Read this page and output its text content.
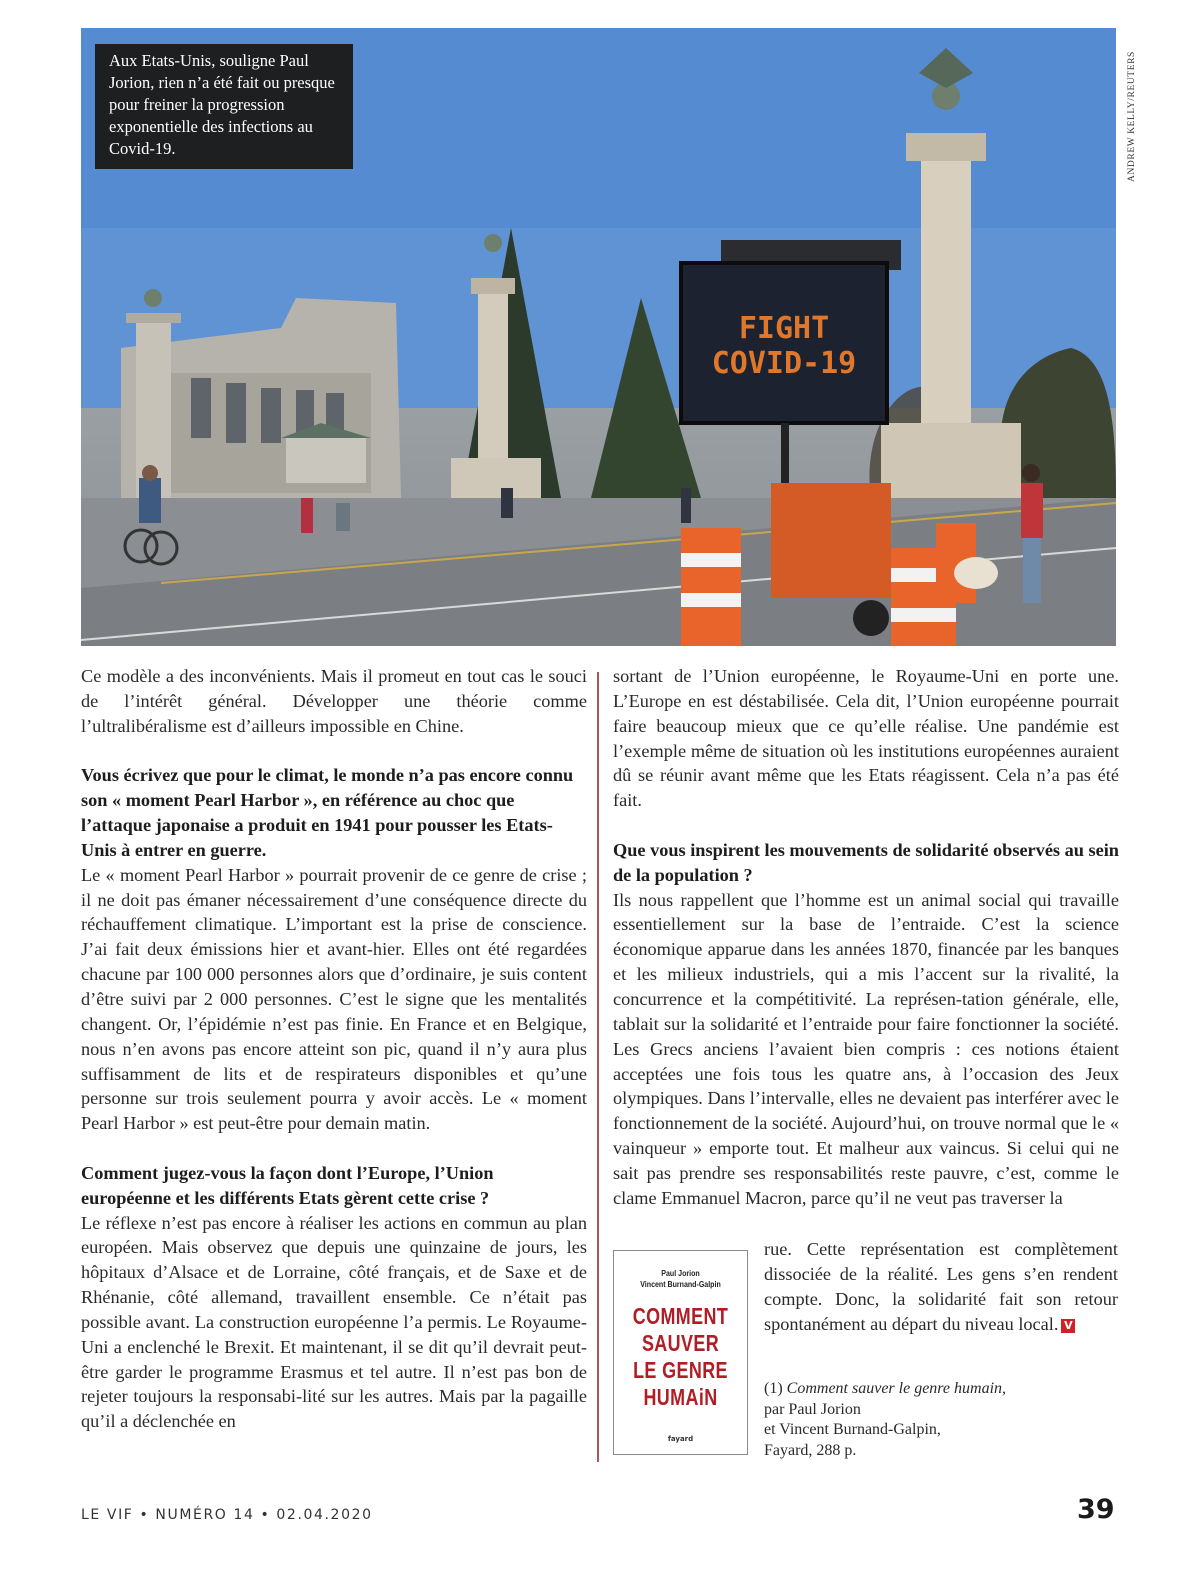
FIGHT
COVID-19
Aux Etats-Unis, souligne Paul Jorion, rien n’a été fait ou presque pour freiner la progression exponentielle des infections au Covid-19.	ANDREW KELLY/REUTERS

Ce modèle a des inconvénients. Mais il promeut en tout cas le souci de l’intérêt général. Développer une théorie comme l’ultralibéralisme est d’ailleurs impossible en Chine.

Vous écrivez que pour le climat, le monde n’a pas encore connu son « moment Pearl Harbor », en référence au choc que l’attaque japonaise a produit en 1941 pour pousser les Etats-Unis à entrer en guerre.

Le « moment Pearl Harbor » pourrait provenir de ce genre de crise ; il ne doit pas émaner nécessairement d’une conséquence directe du réchauffement climatique. L’important est la prise de conscience. J’ai fait deux émissions hier et avant-hier. Elles ont été regardées chacune par 100 000 personnes alors que d’ordinaire, je suis content d’être suivi par 2 000 personnes. C’est le signe que les mentalités changent. Or, l’épidémie n’est pas finie. En France et en Belgique, nous n’en avons pas encore atteint son pic, quand il n’y aura plus suffisamment de lits et de respirateurs disponibles et qu’une personne sur trois seulement pourra y avoir accès. Le « moment Pearl Harbor » est peut-être pour demain matin.

Comment jugez-vous la façon dont l’Europe, l’Union européenne et les différents Etats gèrent cette crise ?

Le réflexe n’est pas encore à réaliser les actions en commun au plan européen. Mais observez que depuis une quinzaine de jours, les hôpitaux d’Alsace et de Lorraine, côté français, et de Saxe et de Rhénanie, côté allemand, travaillent ensemble. Ce n’était pas possible avant. La construction européenne l’a permis. Le Royaume-Uni a enclenché le Brexit. Et maintenant, il se dit qu’il devrait peut-être garder le programme Erasmus et tel autre. Il n’est pas bon de rejeter toujours la responsabi-lité sur les autres. Mais par la pagaille qu’il a déclenchée en

sortant de l’Union européenne, le Royaume-Uni en porte une. L’Europe en est déstabilisée. Cela dit, l’Union européenne pourrait faire beaucoup mieux que ce qu’elle réalise. Une pandémie est l’exemple même de situation où les institutions européennes auraient dû se réunir avant même que les Etats réagissent. Cela n’a pas été fait.

Que vous inspirent les mouvements de solidarité observés au sein de la population ?

Ils nous rappellent que l’homme est un animal social qui travaille essentiellement sur la base de l’entraide. C’est la science économique apparue dans les années 1870, financée par les banques et les milieux industriels, qui a mis l’accent sur la rivalité, la concurrence et la compétitivité. La représen-tation générale, elle, tablait sur la solidarité et l’entraide pour faire fonctionner la société. Les Grecs anciens l’avaient bien compris : ces notions étaient acceptées une fois tous les quatre ans, à l’occasion des Jeux olympiques. Dans l’intervalle, elles ne devaient pas interférer avec le fonctionnement de la société. Aujourd’hui, on trouve normal que le « vainqueur » emporte tout. Et malheur aux vaincus. Si celui qui ne sait pas prendre ses responsabilités reste pauvre, c’est, comme le clame Emmanuel Macron, parce qu’il ne veut pas traverser la

Paul Jorion
Vincent Burnand-Galpin
COMMENT
SAUVER
LE GENRE
HUMAiN
fayard
rue. Cette représentation est complètement dissociée de la réalité. Les gens s’en rendent compte. Donc, la solidarité fait son retour spontanément au départ du niveau local. V
(1) Comment sauver le genre humain,
par Paul Jorion
et Vincent Burnand-Galpin,
Fayard, 288 p.
LE VIF • NUMÉRO 14 • 02.04.2020	39
